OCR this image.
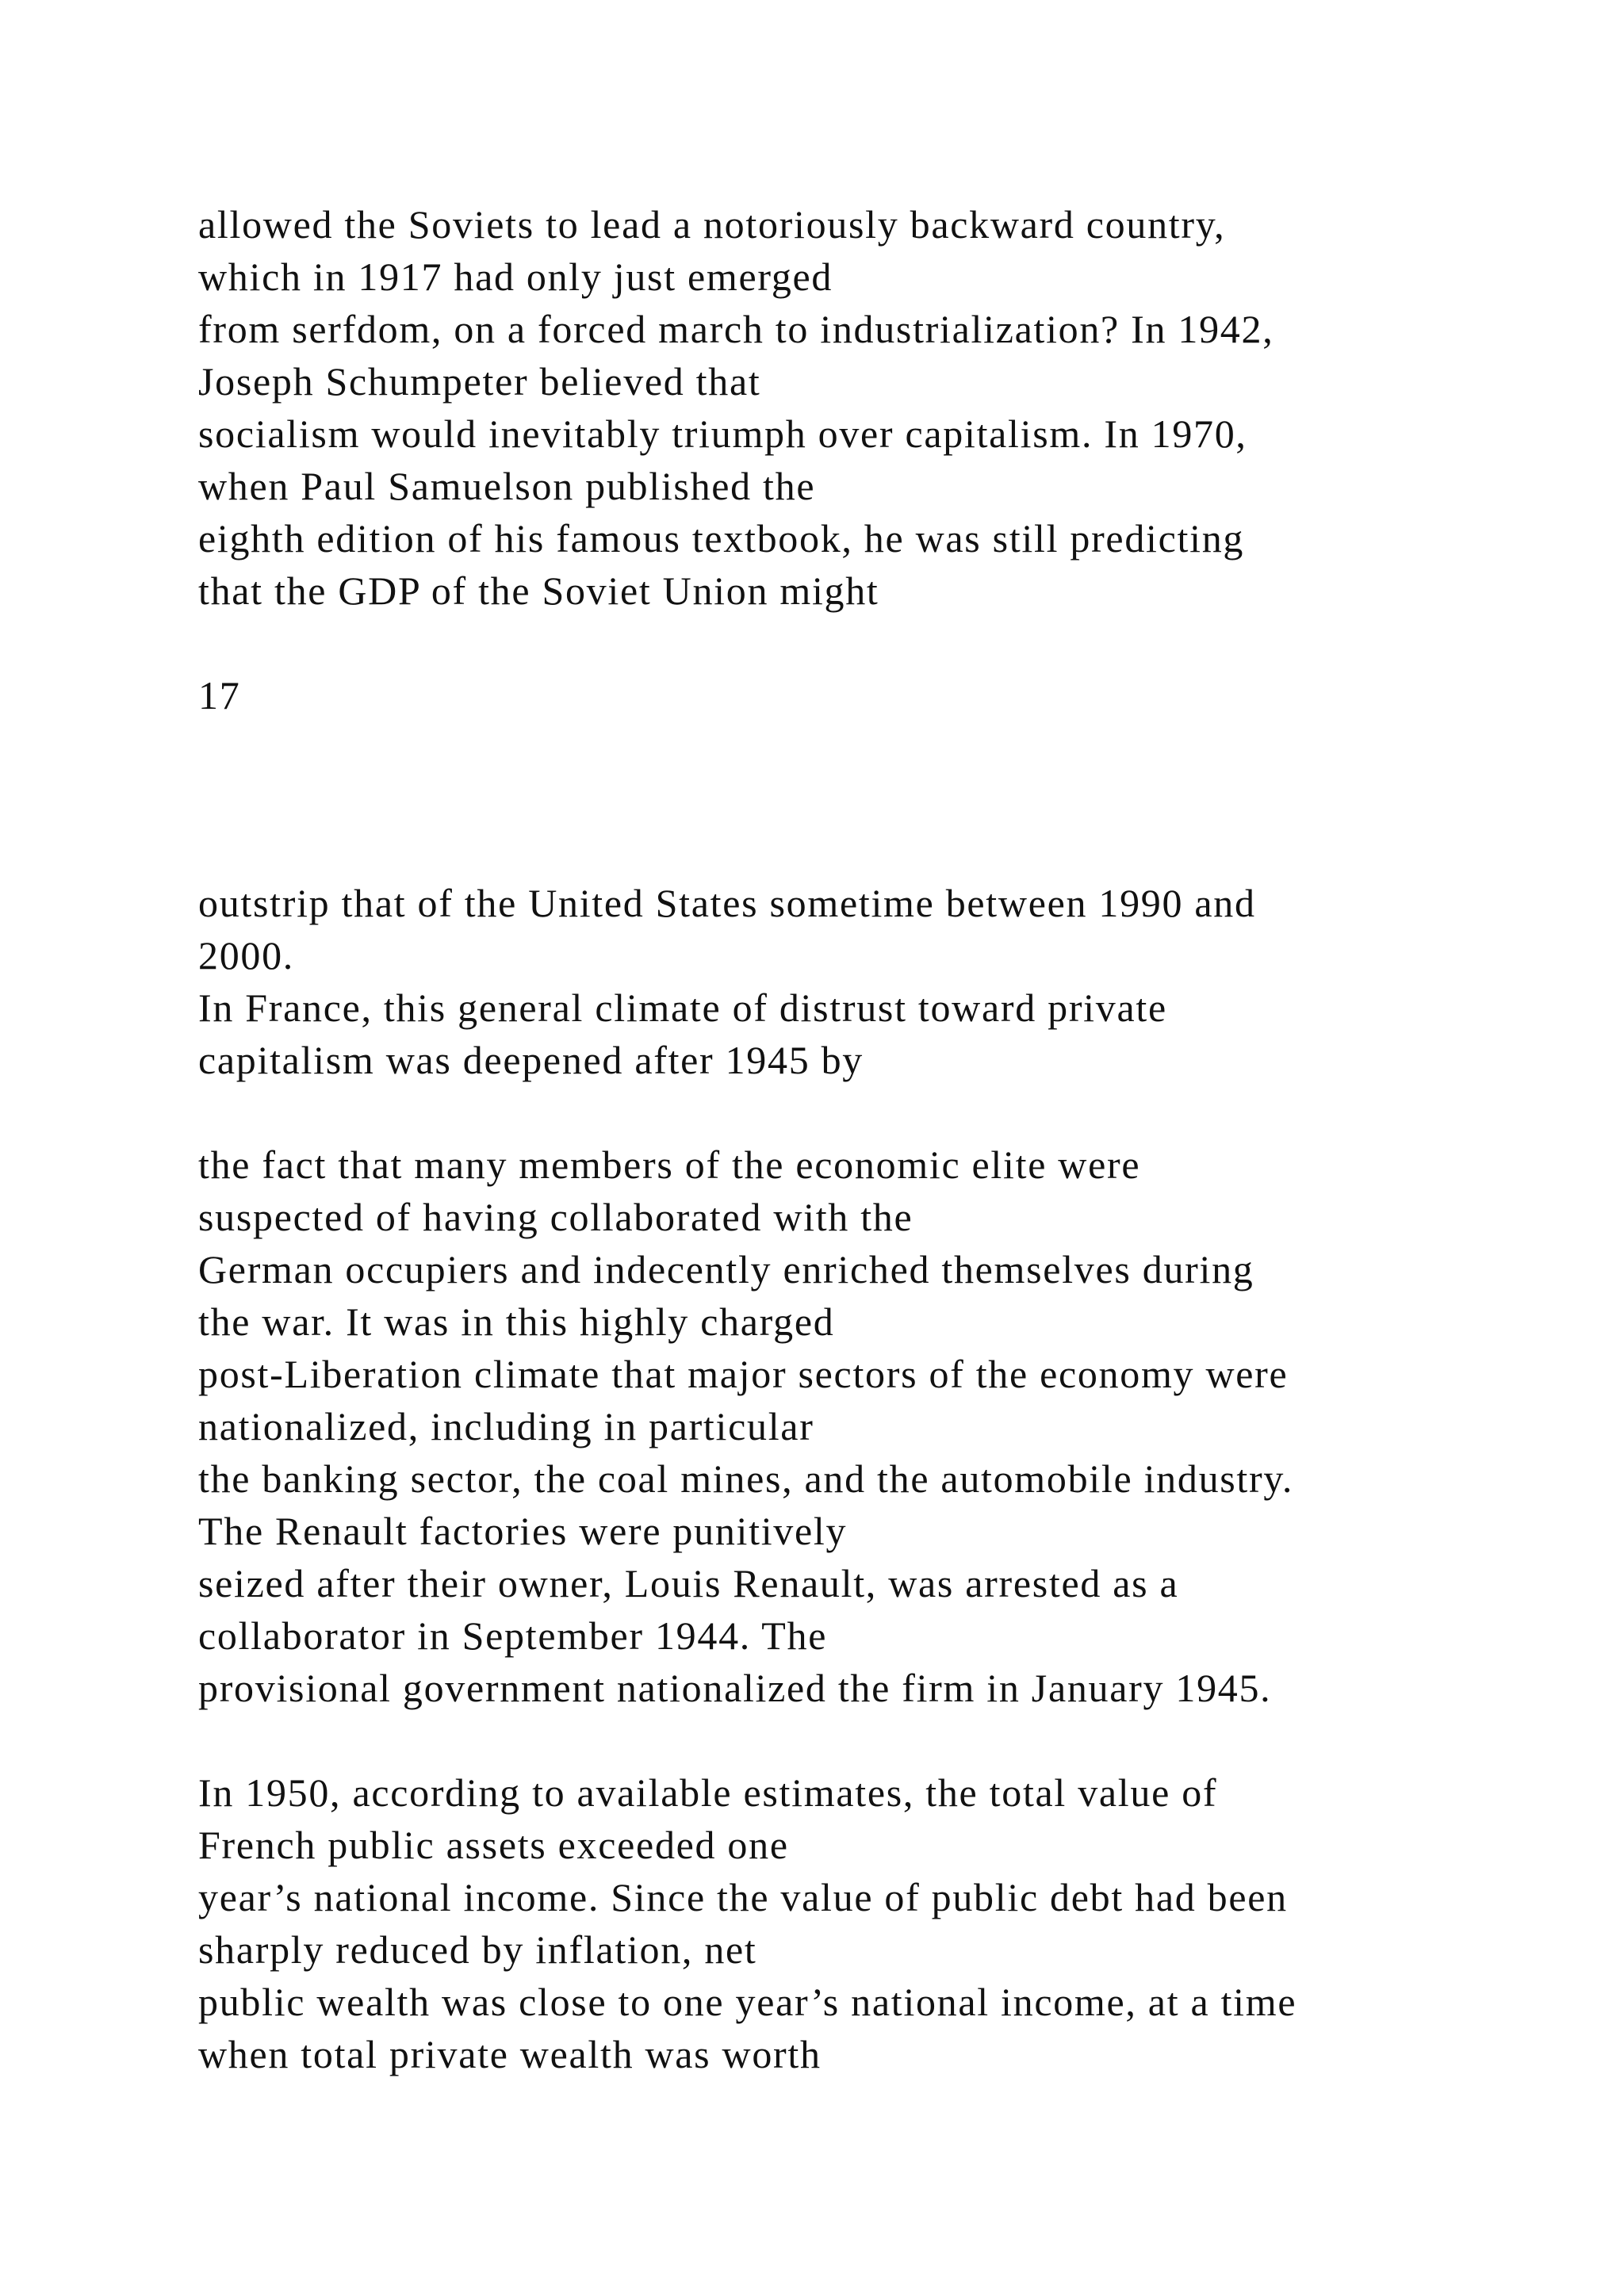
allowed the Soviets to lead a notoriously backward country,

which in 1917 had only just emerged

from serfdom, on a forced march to industrialization? In 1942,

Joseph Schumpeter believed that

socialism would inevitably triumph over capitalism. In 1970,

when Paul Samuelson published the

eighth edition of his famous textbook, he was still predicting

that the GDP of the Soviet Union might

17

outstrip that of the United States sometime between 1990 and

2000.

In France, this general climate of distrust toward private

capitalism was deepened after 1945 by

the fact that many members of the economic elite were

suspected of having collaborated with the

German occupiers and indecently enriched themselves during

the war. It was in this highly charged

post-Liberation climate that major sectors of the economy were

nationalized, including in particular

the banking sector, the coal mines, and the automobile industry.

The Renault factories were punitively

seized after their owner, Louis Renault, was arrested as a

collaborator in September 1944. The

provisional government nationalized the firm in January 1945.

In 1950, according to available estimates, the total value of

French public assets exceeded one

year’s national income. Since the value of public debt had been

sharply reduced by inflation, net

public wealth was close to one year’s national income, at a time

when total private wealth was worth
